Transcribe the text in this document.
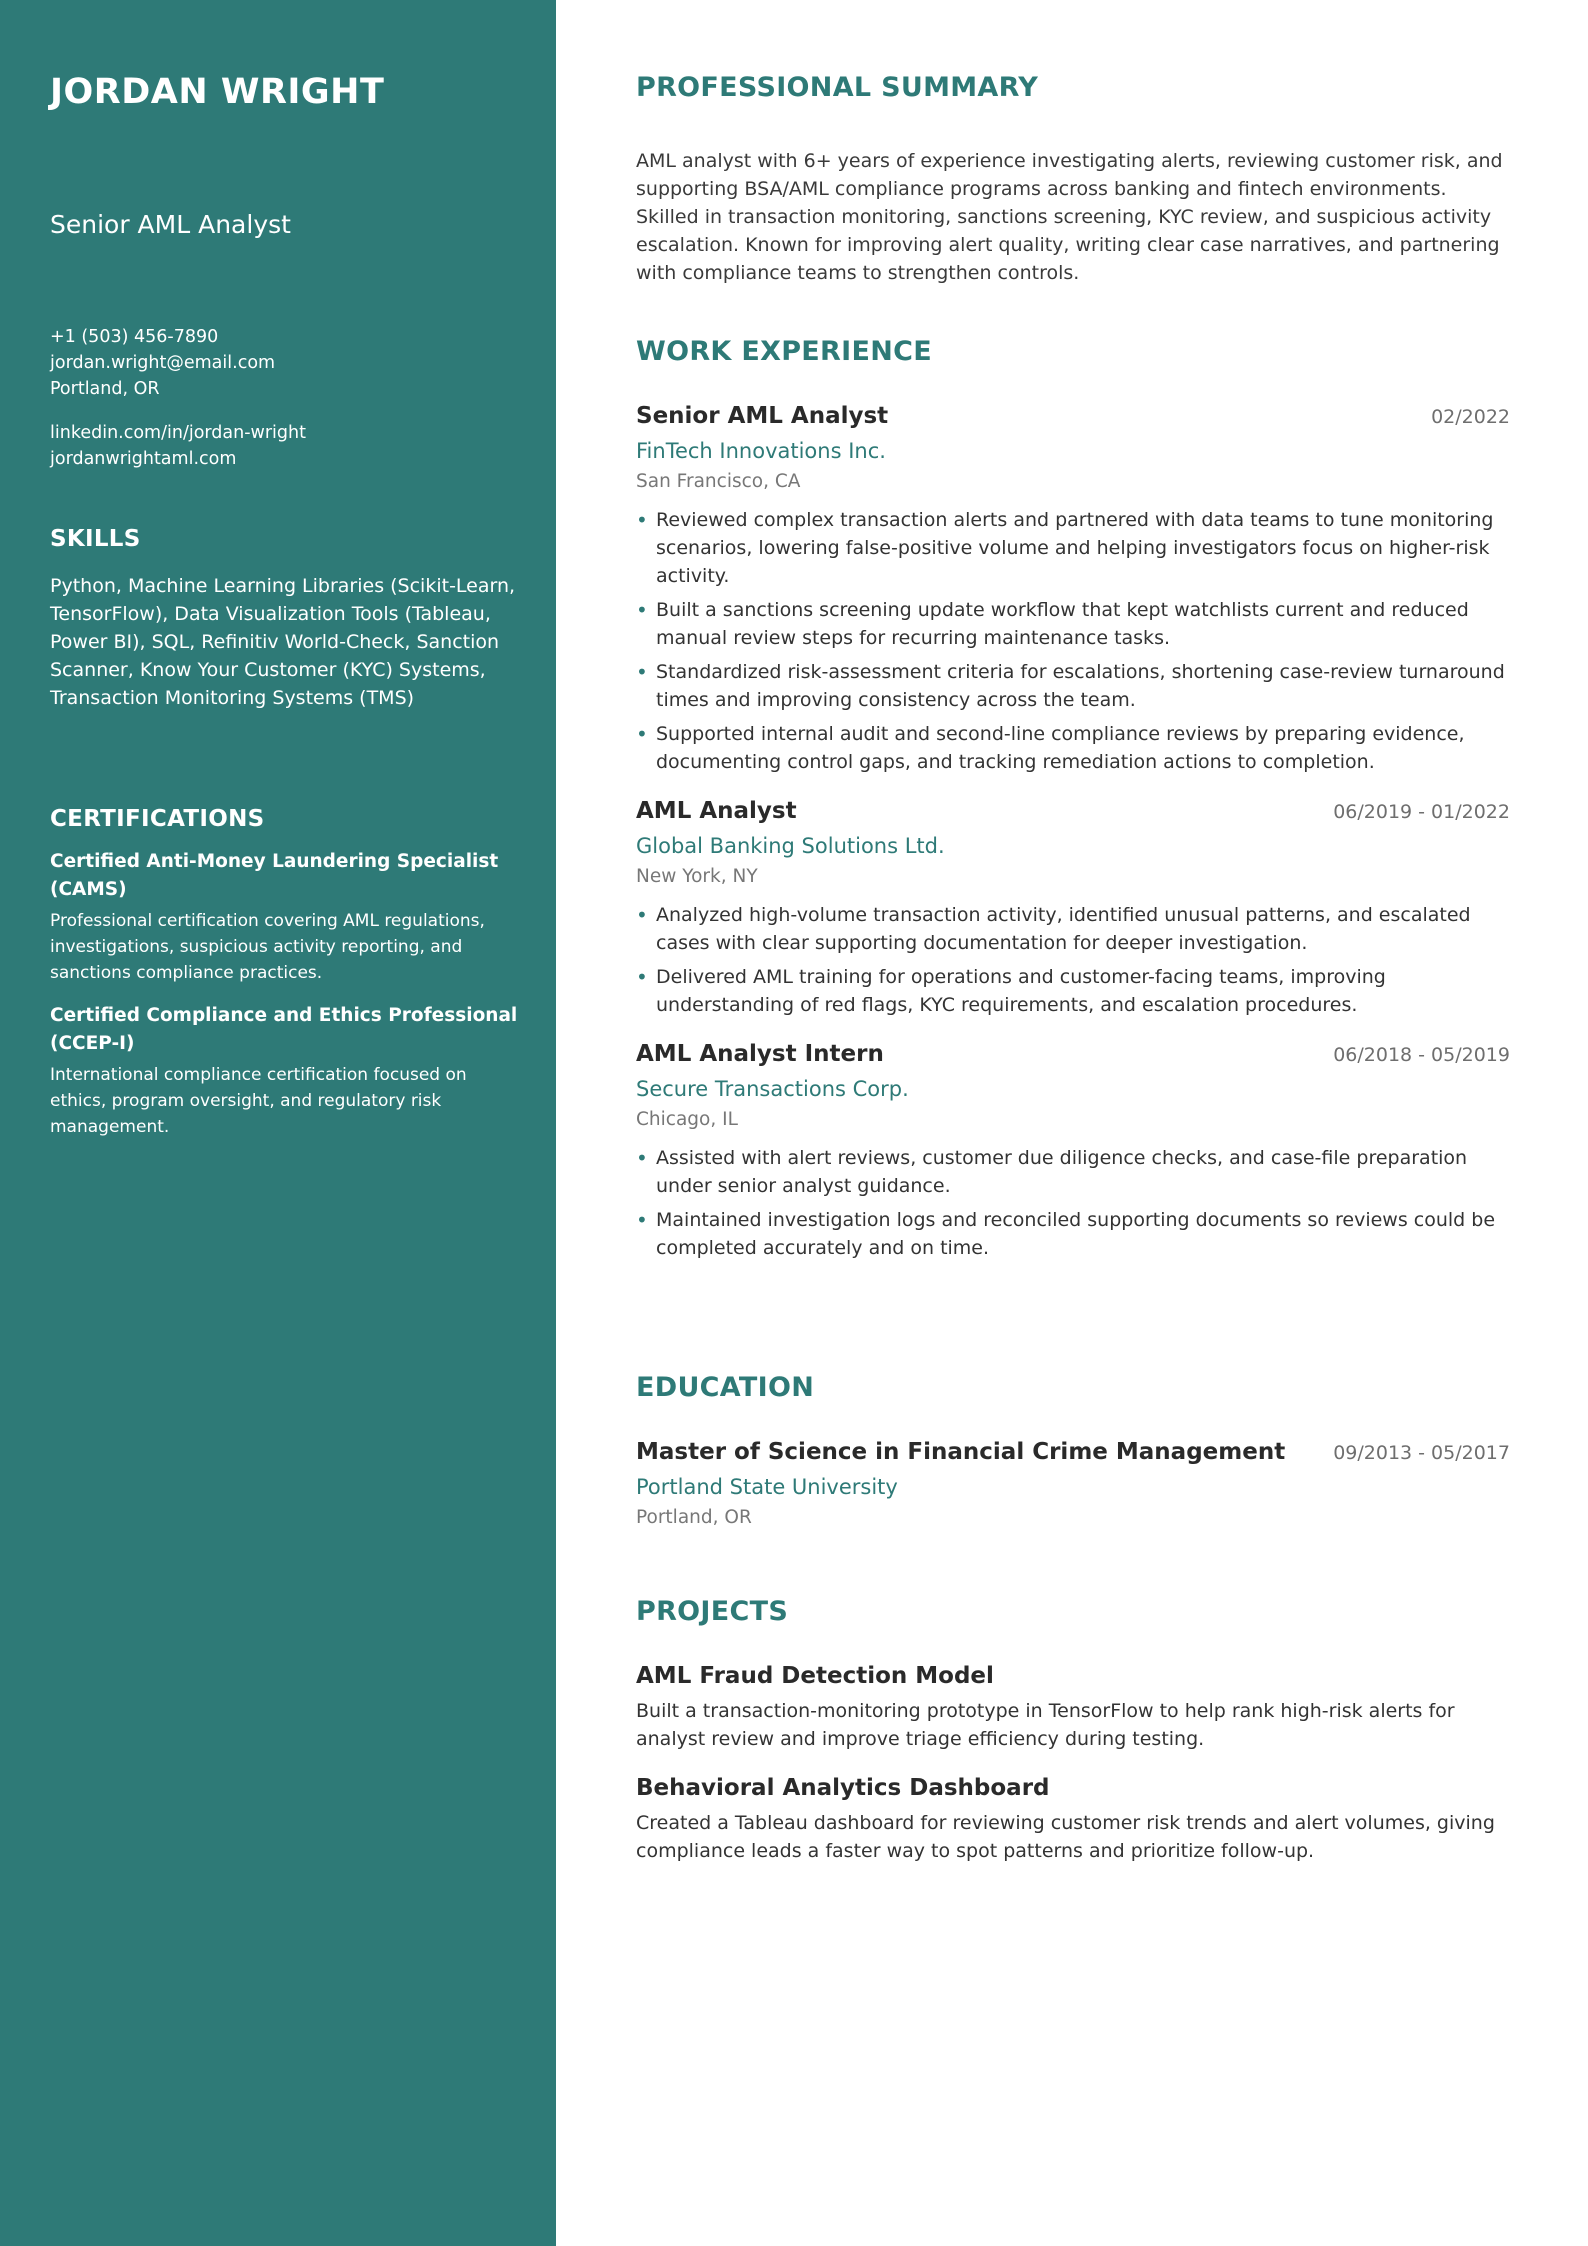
JORDAN WRIGHT
Senior AML Analyst
+1 (503) 456-7890
jordan.wright@email.com
Portland, OR
linkedin.com/in/jordan-wright
jordanwrightaml.com
SKILLS
Python, Machine Learning Libraries (Scikit-Learn, TensorFlow), Data Visualization Tools (Tableau, Power BI), SQL, Refinitiv World-Check, Sanction Scanner, Know Your Customer (KYC) Systems, Transaction Monitoring Systems (TMS)
CERTIFICATIONS
Certified Anti-Money Laundering Specialist (CAMS)
Professional certification covering AML regulations, investigations, suspicious activity reporting, and sanctions compliance practices.
Certified Compliance and Ethics Professional (CCEP-I)
International compliance certification focused on ethics, program oversight, and regulatory risk management.
PROFESSIONAL SUMMARY
AML analyst with 6+ years of experience investigating alerts, reviewing customer risk, and supporting BSA/AML compliance programs across banking and fintech environments. Skilled in transaction monitoring, sanctions screening, KYC review, and suspicious activity escalation. Known for improving alert quality, writing clear case narratives, and partnering with compliance teams to strengthen controls.
WORK EXPERIENCE
Senior AML Analyst	02/2022
FinTech Innovations Inc.
San Francisco, CA
• Reviewed complex transaction alerts and partnered with data teams to tune monitoring scenarios, lowering false-positive volume and helping investigators focus on higher-risk activity.
• Built a sanctions screening update workflow that kept watchlists current and reduced manual review steps for recurring maintenance tasks.
• Standardized risk-assessment criteria for escalations, shortening case-review turnaround times and improving consistency across the team.
• Supported internal audit and second-line compliance reviews by preparing evidence, documenting control gaps, and tracking remediation actions to completion.
AML Analyst	06/2019 - 01/2022
Global Banking Solutions Ltd.
New York, NY
• Analyzed high-volume transaction activity, identified unusual patterns, and escalated cases with clear supporting documentation for deeper investigation.
• Delivered AML training for operations and customer-facing teams, improving understanding of red flags, KYC requirements, and escalation procedures.
AML Analyst Intern	06/2018 - 05/2019
Secure Transactions Corp.
Chicago, IL
• Assisted with alert reviews, customer due diligence checks, and case-file preparation under senior analyst guidance.
• Maintained investigation logs and reconciled supporting documents so reviews could be completed accurately and on time.
EDUCATION
Master of Science in Financial Crime Management	09/2013 - 05/2017
Portland State University
Portland, OR
PROJECTS
AML Fraud Detection Model
Built a transaction-monitoring prototype in TensorFlow to help rank high-risk alerts for analyst review and improve triage efficiency during testing.
Behavioral Analytics Dashboard
Created a Tableau dashboard for reviewing customer risk trends and alert volumes, giving compliance leads a faster way to spot patterns and prioritize follow-up.
